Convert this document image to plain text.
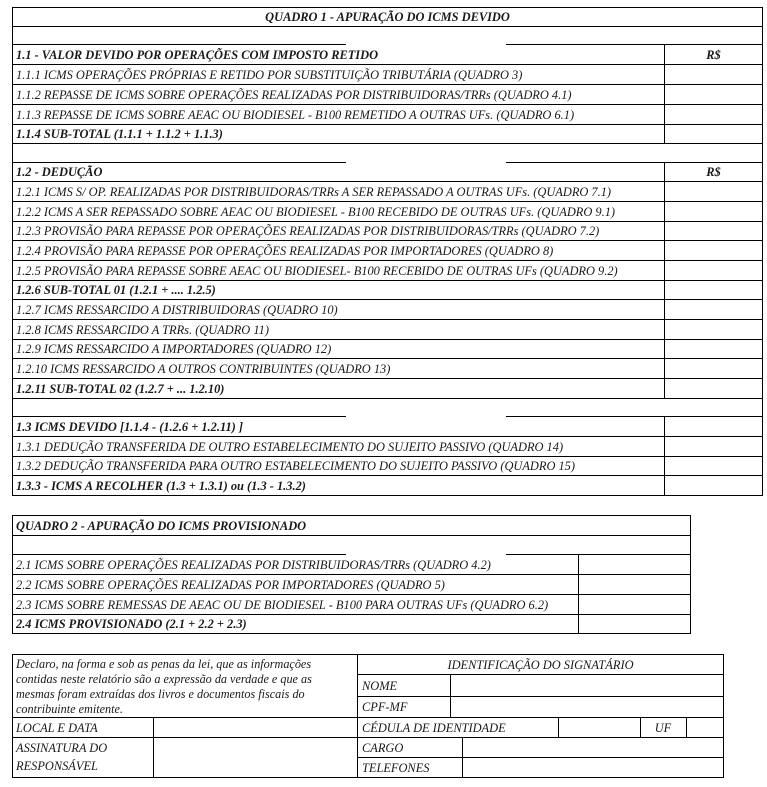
QUADRO 1 - APURAÇÃO DO ICMS DEVIDO
1.1 - VALOR DEVIDO POR OPERAÇÕES COM IMPOSTO RETIDO	R$
1.1.1 ICMS OPERAÇÕES PRÓPRIAS E RETIDO POR SUBSTITUIÇÃO TRIBUTÁRIA (QUADRO 3)
1.1.2 REPASSE DE ICMS SOBRE OPERAÇÕES REALIZADAS POR DISTRIBUIDORAS/TRRs (QUADRO 4.1)
1.1.3 REPASSE DE ICMS SOBRE AEAC OU BIODIESEL - B100 REMETIDO A OUTRAS UFs. (QUADRO 6.1)
1.1.4 SUB-TOTAL (1.1.1 + 1.1.2 + 1.1.3)
1.2 - DEDUÇÃO	R$
1.2.1 ICMS S/ OP. REALIZADAS POR DISTRIBUIDORAS/TRRs A SER REPASSADO A OUTRAS UFs. (QUADRO 7.1)
1.2.2 ICMS A SER REPASSADO SOBRE AEAC OU BIODIESEL - B100 RECEBIDO DE OUTRAS UFs. (QUADRO 9.1)
1.2.3 PROVISÃO PARA REPASSE POR OPERAÇÕES REALIZADAS POR DISTRIBUIDORAS/TRRs (QUADRO 7.2)
1.2.4 PROVISÃO PARA REPASSE POR OPERAÇÕES REALIZADAS POR IMPORTADORES (QUADRO 8)
1.2.5 PROVISÃO PARA REPASSE SOBRE AEAC OU BIODIESEL- B100 RECEBIDO DE OUTRAS UFs (QUADRO 9.2)
1.2.6 SUB-TOTAL 01 (1.2.1 + .... 1.2.5)
1.2.7 ICMS RESSARCIDO A DISTRIBUIDORAS (QUADRO 10)
1.2.8 ICMS RESSARCIDO A TRRs. (QUADRO 11)
1.2.9 ICMS RESSARCIDO A IMPORTADORES (QUADRO 12)
1.2.10 ICMS RESSARCIDO A OUTROS CONTRIBUINTES (QUADRO 13)
1.2.11 SUB-TOTAL 02 (1.2.7 + ... 1.2.10)
1.3 ICMS DEVIDO [1.1.4 - (1.2.6 + 1.2.11) ]
1.3.1 DEDUÇÃO TRANSFERIDA DE OUTRO ESTABELECIMENTO DO SUJEITO PASSIVO (QUADRO 14)
1.3.2 DEDUÇÃO TRANSFERIDA PARA OUTRO ESTABELECIMENTO DO SUJEITO PASSIVO (QUADRO 15)
1.3.3 - ICMS A RECOLHER (1.3 + 1.3.1) ou (1.3 - 1.3.2)
QUADRO 2 - APURAÇÃO DO ICMS PROVISIONADO
2.1 ICMS SOBRE OPERAÇÕES REALIZADAS POR DISTRIBUIDORAS/TRRs (QUADRO 4.2)
2.2 ICMS SOBRE OPERAÇÕES REALIZADAS POR IMPORTADORES (QUADRO 5)
2.3 ICMS SOBRE REMESSAS DE AEAC OU DE BIODIESEL - B100 PARA OUTRAS UFs (QUADRO 6.2)
2.4 ICMS PROVISIONADO (2.1 + 2.2 + 2.3)
Declaro, na forma e sob as penas da lei, que as informações contidas neste relatório são a expressão da verdade e que as mesmas foram extraídas dos livros e documentos fiscais do contribuinte emitente.
IDENTIFICAÇÃO DO SIGNATÁRIO
NOME
CPF-MF
LOCAL E DATA	CÉDULA DE IDENTIDADE	UF
ASSINATURA DO
RESPONSÁVEL
CARGO
TELEFONES
